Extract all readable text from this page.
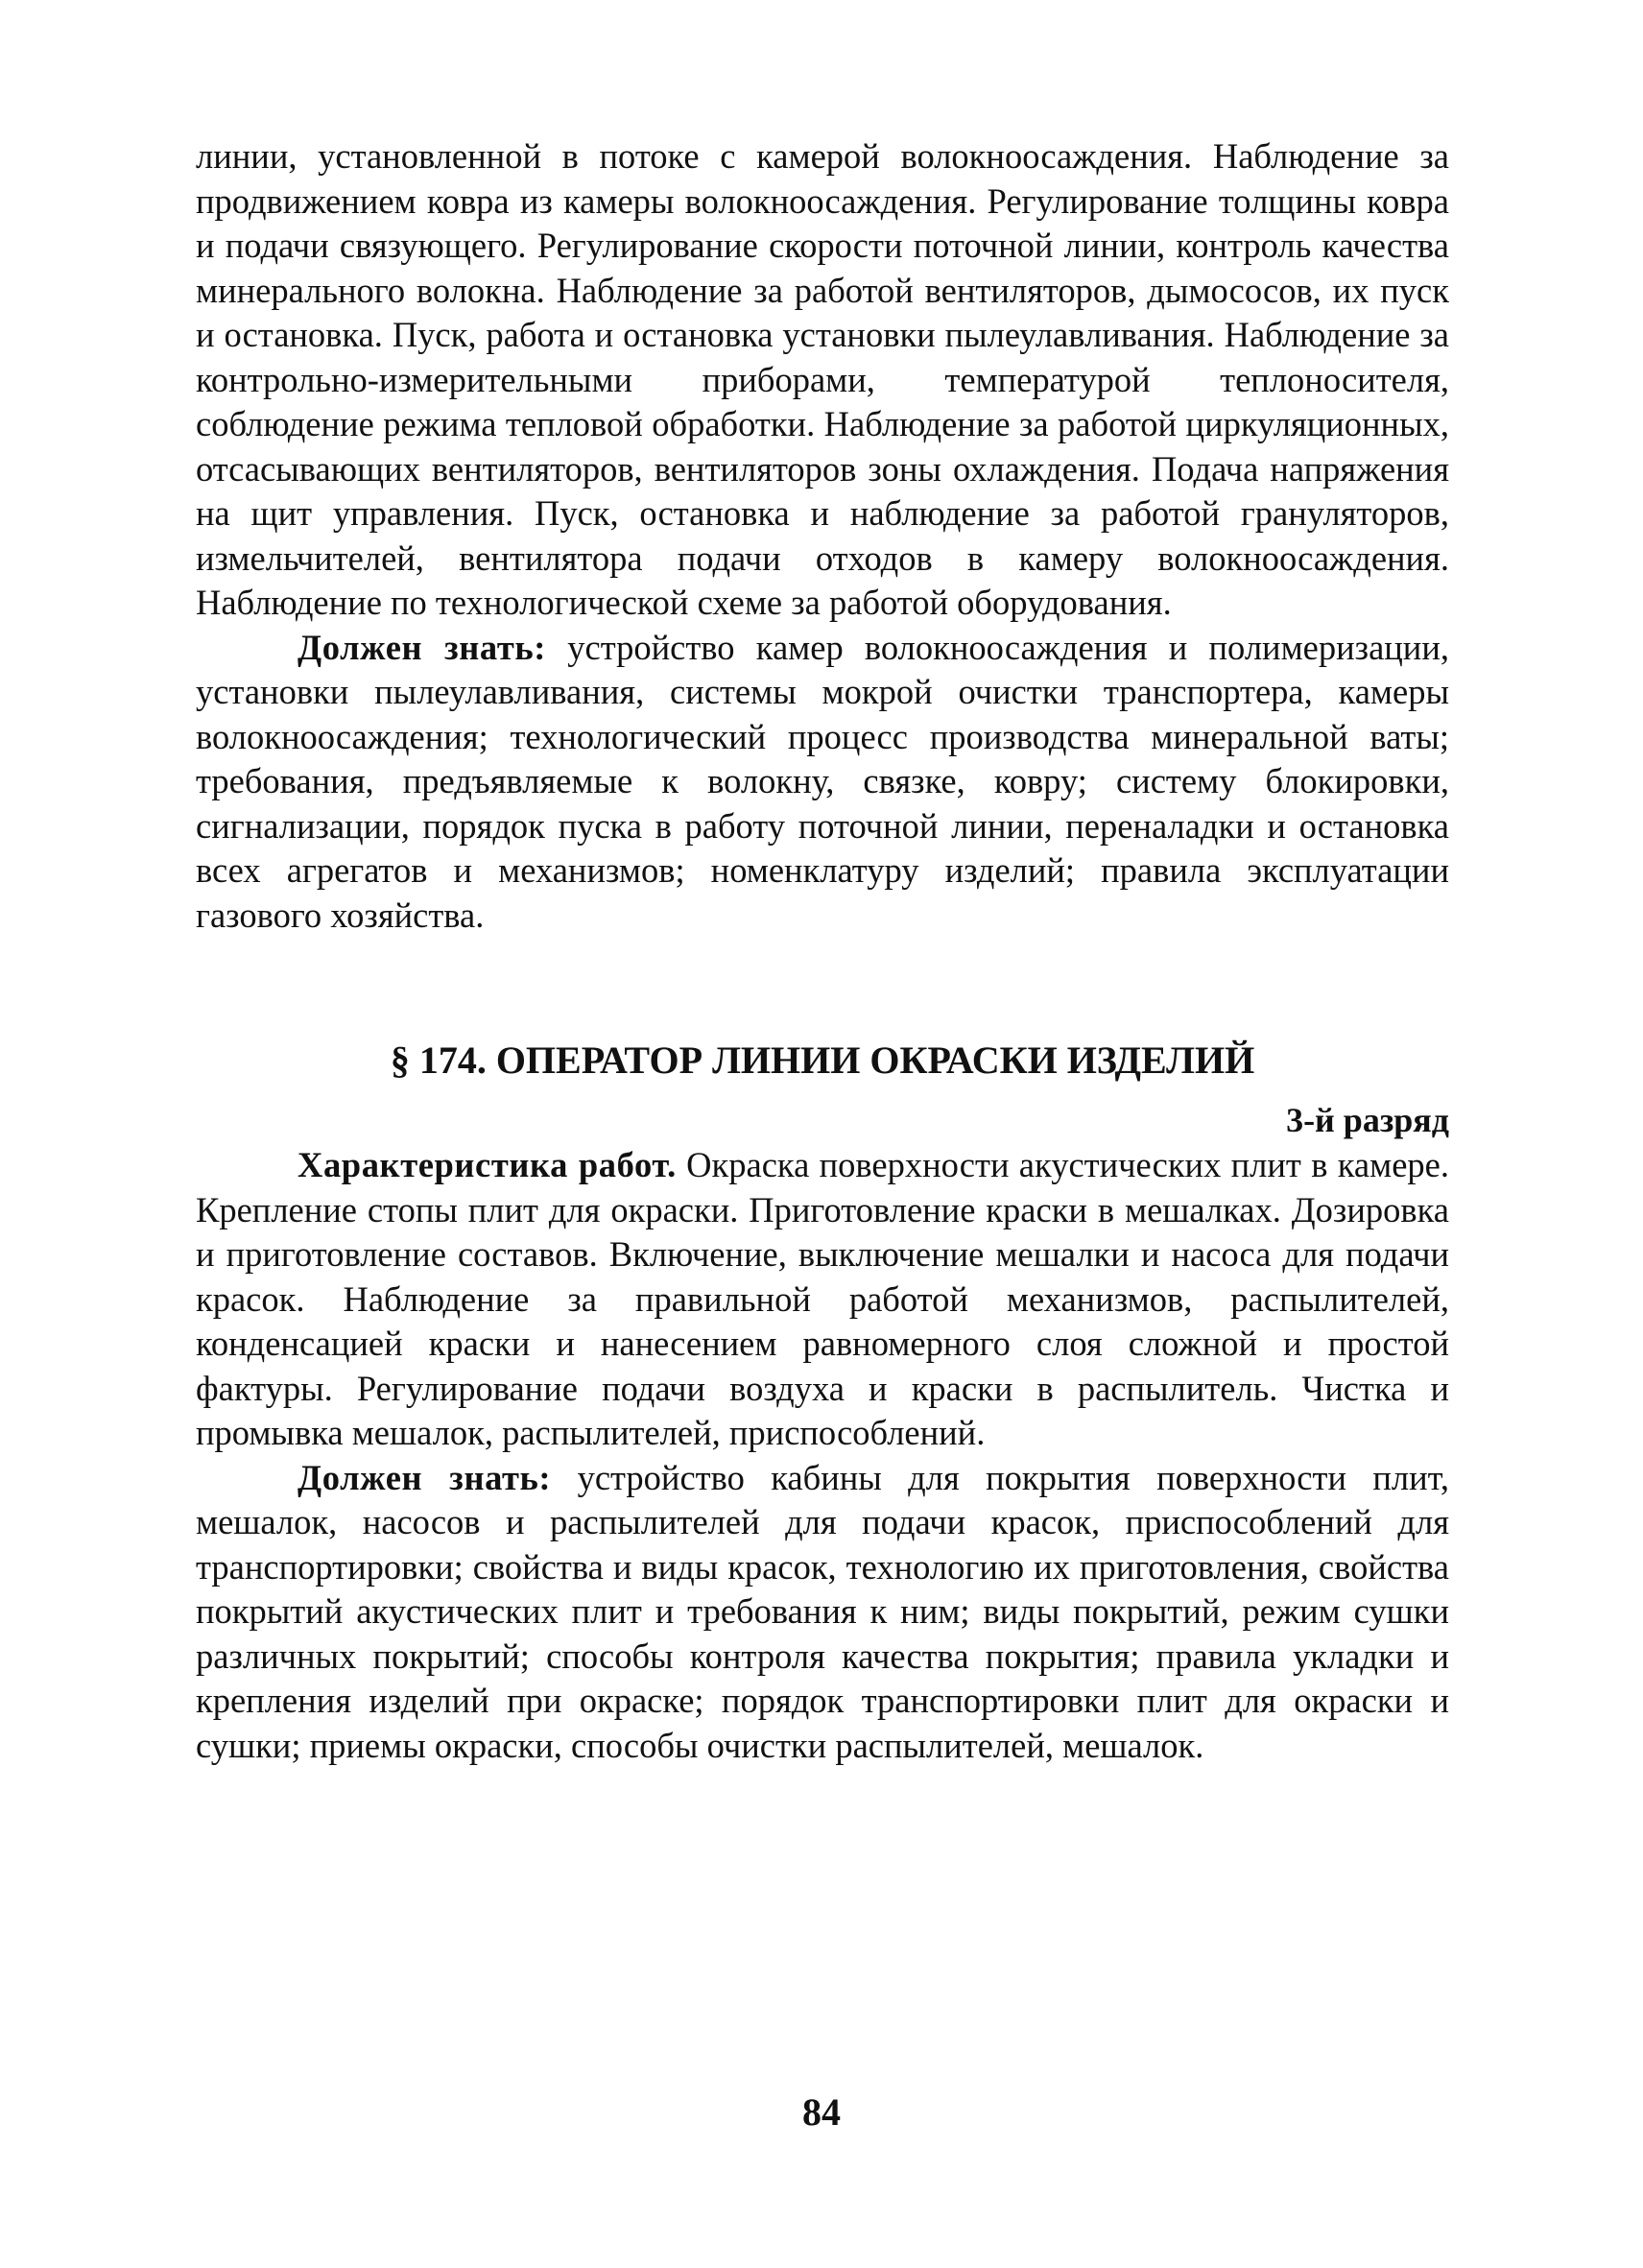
линии, установленной в потоке с камерой волокноосаждения. Наблюдение за продвижением ковра из камеры волокноосаждения. Регулирование толщины ковра и подачи связующего. Регулирование скорости поточной линии, контроль качества минерального волокна. Наблюдение за работой вентиляторов, дымососов, их пуск и остановка. Пуск, работа и остановка установки пылеулавливания. Наблюдение за контрольно-измерительными приборами, температурой теплоносителя, соблюдение режима тепловой обработки. Наблюдение за работой циркуляционных, отсасывающих вентиляторов, вентиляторов зоны охлаждения. Подача напряжения на щит управления. Пуск, остановка и наблюдение за работой грануляторов, измельчителей, вентилятора подачи отходов в камеру волокноосаждения. Наблюдение по технологической схеме за работой оборудования.

Должен знать: устройство камер волокноосаждения и полимеризации, установки пылеулавливания, системы мокрой очистки транспортера, камеры волокноосаждения; технологический процесс производства минеральной ваты; требования, предъявляемые к волокну, связке, ковру; систему блокировки, сигнализации, порядок пуска в работу поточной линии, переналадки и остановка всех агрегатов и механизмов; номенклатуру изделий; правила эксплуатации газового хозяйства.

§ 174. ОПЕРАТОР ЛИНИИ ОКРАСКИ ИЗДЕЛИЙ
3-й разряд

Характеристика работ. Окраска поверхности акустических плит в камере. Крепление стопы плит для окраски. Приготовление краски в мешалках. Дозировка и приготовление составов. Включение, выключение мешалки и насоса для подачи красок. Наблюдение за правильной работой механизмов, распылителей, конденсацией краски и нанесением равномерного слоя сложной и простой фактуры. Регулирование подачи воздуха и краски в распылитель. Чистка и промывка мешалок, распылителей, приспособлений.

Должен знать: устройство кабины для покрытия поверхности плит, мешалок, насосов и распылителей для подачи красок, приспособлений для транспортировки; свойства и виды красок, технологию их приготовления, свойства покрытий акустических плит и требования к ним; виды покрытий, режим сушки различных покрытий; способы контроля качества покрытия; правила укладки и крепления изделий при окраске; порядок транспортировки плит для окраски и сушки; приемы окраски, способы очистки распылителей, мешалок.

84
